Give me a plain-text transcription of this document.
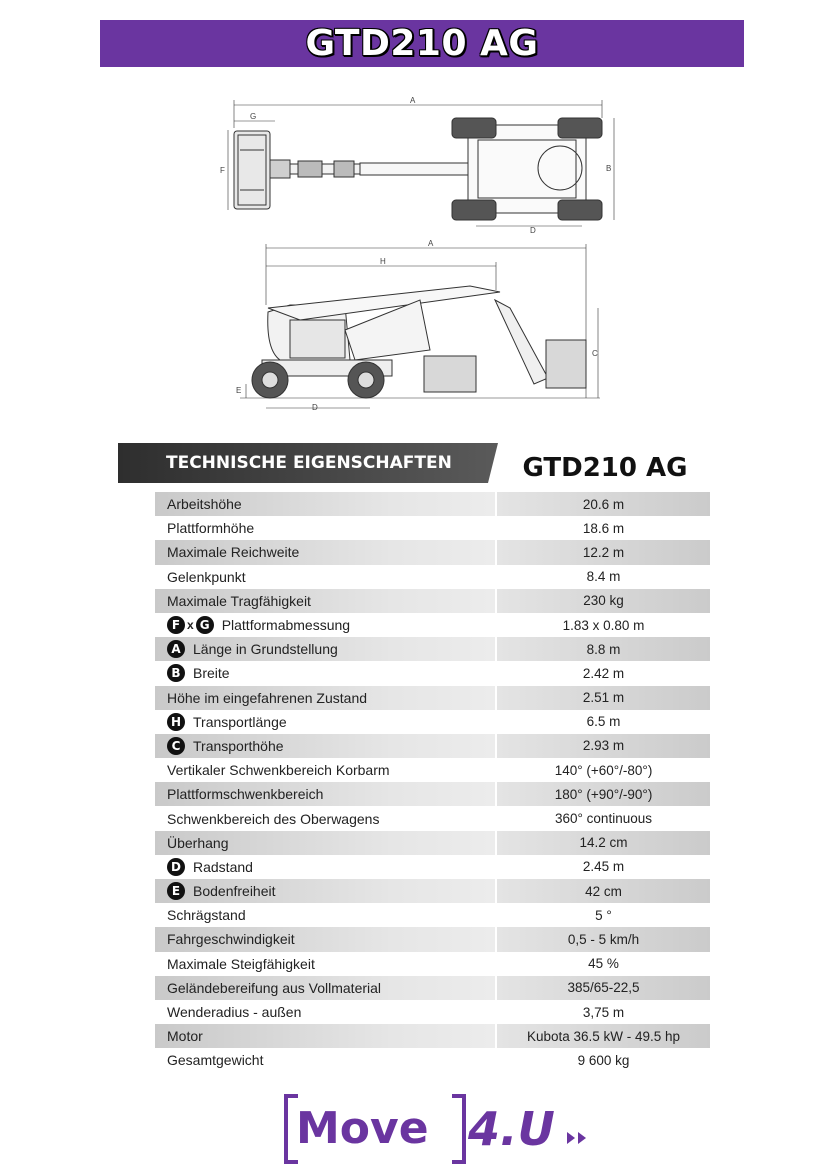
GTD210 AG
A
G
F	B
D
A
H
C
D
E
TECHNISCHE EIGENSCHAFTEN	GTD210 AG
Arbeitshöhe	20.6 m
Plattformhöhe	18.6 m
Maximale Reichweite	12.2 m
Gelenkpunkt	8.4 m
Maximale Tragfähigkeit	230 kg
F x G Plattformabmessung	1.83 x 0.80 m
A Länge in Grundstellung	8.8 m
B Breite	2.42 m
Höhe im eingefahrenen Zustand	2.51 m
H Transportlänge	6.5 m
C Transporthöhe	2.93 m
Vertikaler Schwenkbereich Korbarm	140° (+60°/-80°)
Plattformschwenkbereich	180° (+90°/-90°)
Schwenkbereich des Oberwagens	360° continuous
Überhang	14.2 cm
D Radstand	2.45 m
E Bodenfreiheit	42 cm
Schrägstand	5 °
Fahrgeschwindigkeit	0,5 - 5 km/h
Maximale Steigfähigkeit	45 %
Geländebereifung aus Vollmaterial	385/65-22,5
Wenderadius - außen	3,75 m
Motor	Kubota 36.5 kW - 49.5 hp
Gesamtgewicht	9 600 kg
Move 4.U
